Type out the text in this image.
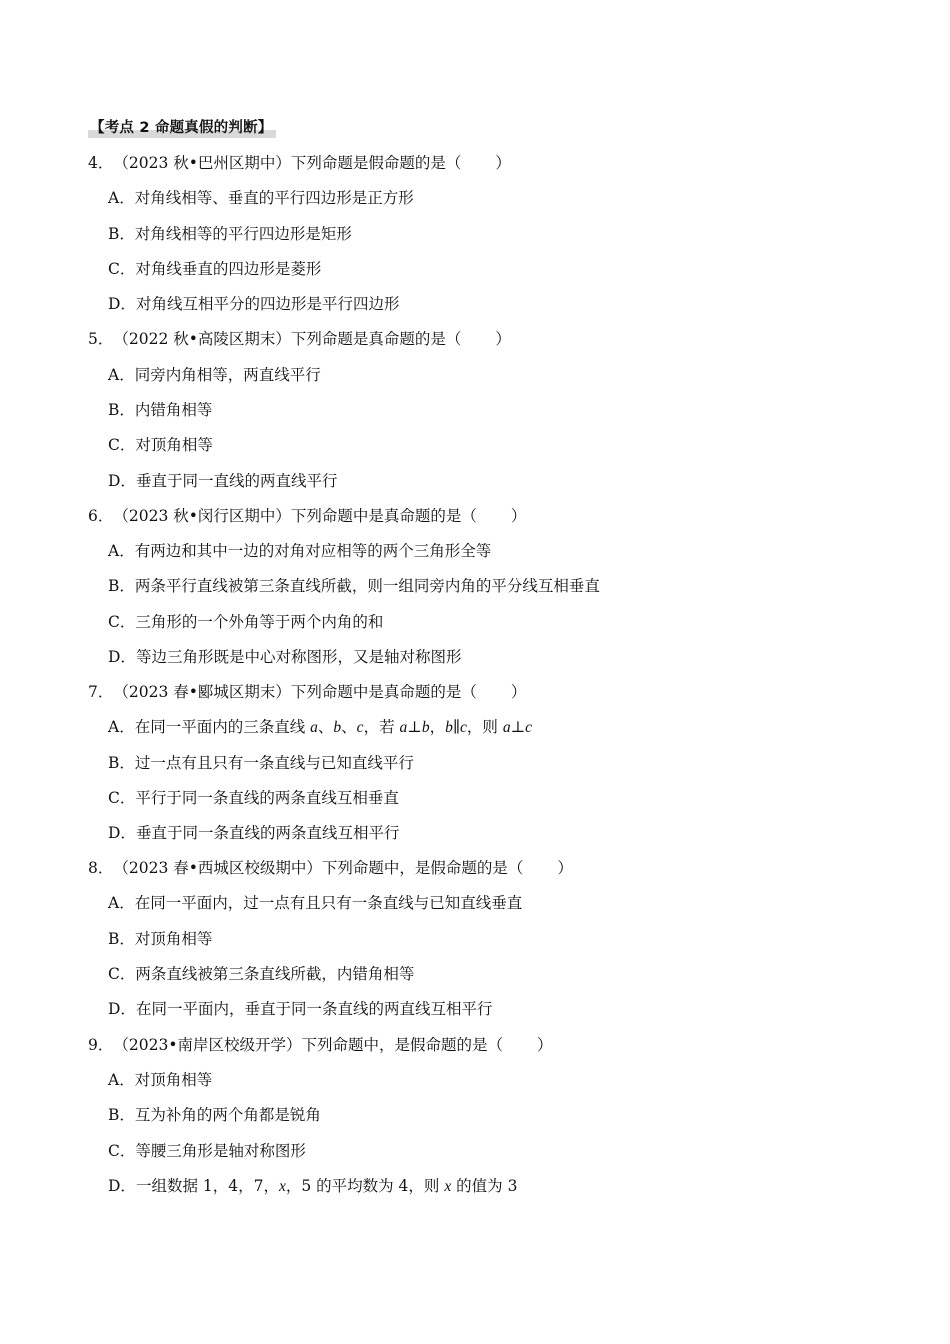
【考点 2 命题真假的判断】
4．（2023 秋•巴州区期中）下列命题是假命题的是（ ）
A．对角线相等、垂直的平行四边形是正方形
B．对角线相等的平行四边形是矩形
C．对角线垂直的四边形是菱形
D．对角线互相平分的四边形是平行四边形
5．（2022 秋•高陵区期末）下列命题是真命题的是（ ）
A．同旁内角相等，两直线平行
B．内错角相等
C．对顶角相等
D．垂直于同一直线的两直线平行
6．（2023 秋•闵行区期中）下列命题中是真命题的是（ ）
A．有两边和其中一边的对角对应相等的两个三角形全等
B．两条平行直线被第三条直线所截，则一组同旁内角的平分线互相垂直
C．三角形的一个外角等于两个内角的和
D．等边三角形既是中心对称图形，又是轴对称图形
7．（2023 春•郾城区期末）下列命题中是真命题的是（ ）
A．在同一平面内的三条直线 a、b、c，若 a⊥b，b∥c，则 a⊥c
B．过一点有且只有一条直线与已知直线平行
C．平行于同一条直线的两条直线互相垂直
D．垂直于同一条直线的两条直线互相平行
8．（2023 春•西城区校级期中）下列命题中，是假命题的是（ ）
A．在同一平面内，过一点有且只有一条直线与已知直线垂直
B．对顶角相等
C．两条直线被第三条直线所截，内错角相等
D．在同一平面内，垂直于同一条直线的两直线互相平行
9．（2023•南岸区校级开学）下列命题中，是假命题的是（ ）
A．对顶角相等
B．互为补角的两个角都是锐角
C．等腰三角形是轴对称图形
D．一组数据 1，4，7，x，5 的平均数为 4，则 x 的值为 3
